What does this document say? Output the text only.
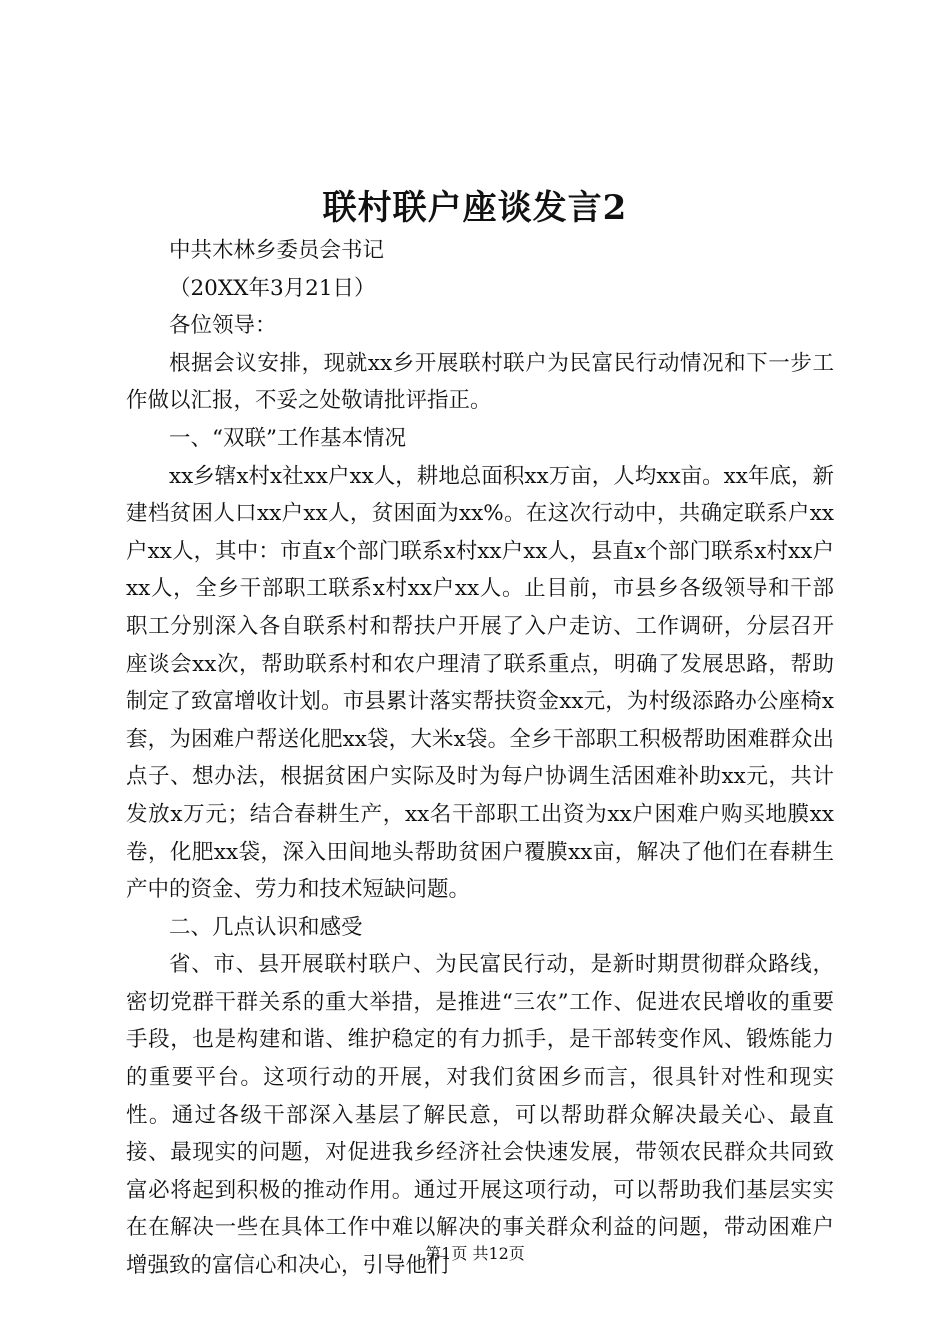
联村联户座谈发言2

中共木林乡委员会书记

（20XX年3月21日）

各位领导：

根据会议安排，现就xx乡开展联村联户为民富民行动情况和下一步工作做以汇报，不妥之处敬请批评指正。

一、“双联”工作基本情况

xx乡辖x村x社xx户xx人，耕地总面积xx万亩，人均xx亩。xx年底，新建档贫困人口xx户xx人，贫困面为xx%。在这次行动中，共确定联系户xx户xx人，其中：市直x个部门联系x村xx户xx人，县直x个部门联系x村xx户xx人，全乡干部职工联系x村xx户xx人。止目前，市县乡各级领导和干部职工分别深入各自联系村和帮扶户开展了入户走访、工作调研，分层召开座谈会xx次，帮助联系村和农户理清了联系重点，明确了发展思路，帮助制定了致富增收计划。市县累计落实帮扶资金xx元，为村级添路办公座椅x套，为困难户帮送化肥xx袋，大米x袋。全乡干部职工积极帮助困难群众出点子、想办法，根据贫困户实际及时为每户协调生活困难补助xx元，共计发放x万元；结合春耕生产，xx名干部职工出资为xx户困难户购买地膜xx卷，化肥xx袋，深入田间地头帮助贫困户覆膜xx亩，解决了他们在春耕生产中的资金、劳力和技术短缺问题。

二、几点认识和感受

省、市、县开展联村联户、为民富民行动，是新时期贯彻群众路线，密切党群干群关系的重大举措，是推进“三农”工作、促进农民增收的重要手段，也是构建和谐、维护稳定的有力抓手，是干部转变作风、锻炼能力的重要平台。这项行动的开展，对我们贫困乡而言，很具针对性和现实性。通过各级干部深入基层了解民意，可以帮助群众解决最关心、最直接、最现实的问题，对促进我乡经济社会快速发展，带领农民群众共同致富必将起到积极的推动作用。通过开展这项行动，可以帮助我们基层实实在在解决一些在具体工作中难以解决的事关群众利益的问题，带动困难户增强致的富信心和决心，引导他们

第1页 共12页
